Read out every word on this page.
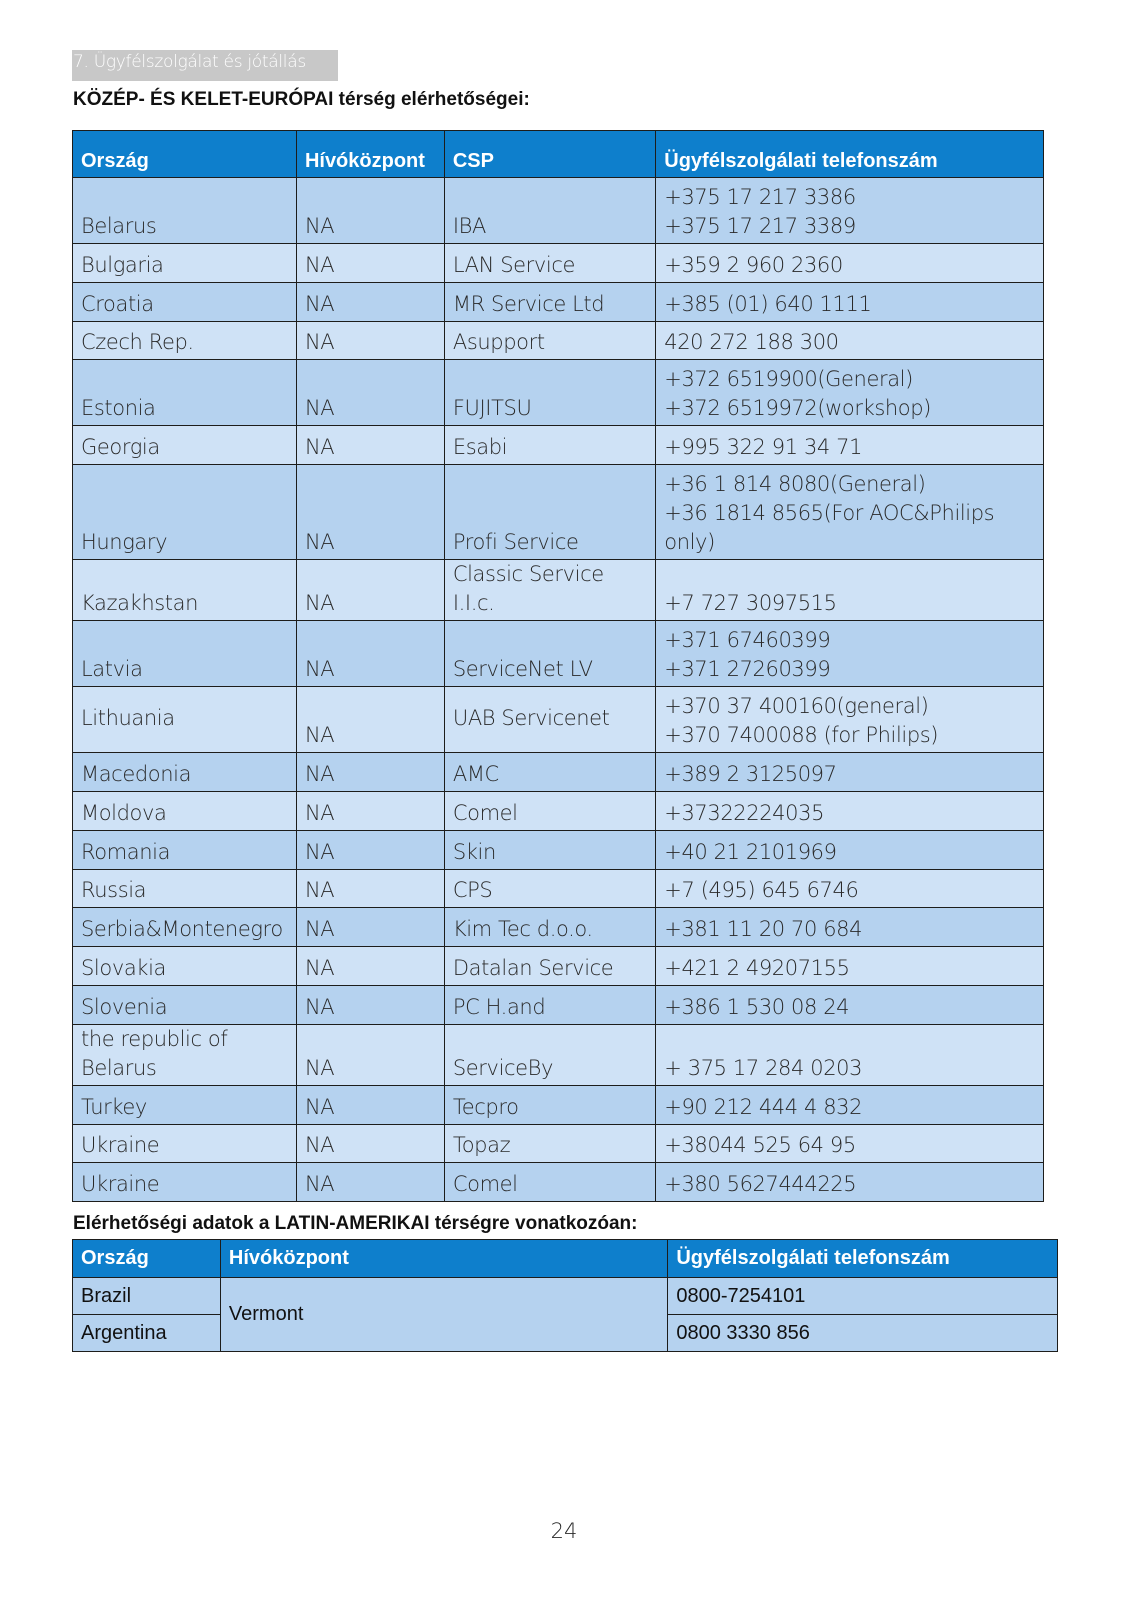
7. Ügyfélszolgálat és jótállás
KÖZÉP- ÉS KELET-EURÓPAI térség elérhetőségei:
Ország	Hívóközpont	CSP	Ügyfélszolgálati telefonszám
Belarus	NA	IBA	+375 17 217 3386
+375 17 217 3389

Bulgaria	NA	LAN Service	+359 2 960 2360

Croatia	NA	MR Service Ltd	+385 (01) 640 1111

Czech Rep.	NA	Asupport	420 272 188 300

Estonia	NA	FUJITSU	+372 6519900(General)
+372 6519972(workshop)

Georgia	NA	Esabi	+995 322 91 34 71

Hungary	NA	Profi Service	+36 1 814 8080(General)
+36 1814 8565(For AOC&Philips
only)

Kazakhstan	NA	Classic Service I.I.c.	+7 727 3097515

Latvia	NA	ServiceNet LV	+371 67460399
+371 27260399

Lithuania	NA	UAB Servicenet	+370 37 400160(general)
+370 7400088 (for Philips)

Macedonia	NA	AMC	+389 2 3125097

Moldova	NA	Comel	+37322224035

Romania	NA	Skin	+40 21 2101969

Russia	NA	CPS	+7 (495) 645 6746

Serbia&Montenegro	NA	Kim Tec d.o.o.	+381 11 20 70 684

Slovakia	NA	Datalan Service	+421 2 49207155

Slovenia	NA	PC H.and	+386 1 530 08 24

the republic of Belarus	NA	ServiceBy	+ 375 17 284 0203

Turkey	NA	Tecpro	+90 212 444 4 832

Ukraine	NA	Topaz	+38044 525 64 95

Ukraine	NA	Comel	+380 5627444225
Elérhetőségi adatok a LATIN-AMERIKAI térségre vonatkozóan:
Ország	Hívóközpont	Ügyfélszolgálati telefonszám
Brazil	Vermont	0800-7254101
Argentina		0800 3330 856
24
